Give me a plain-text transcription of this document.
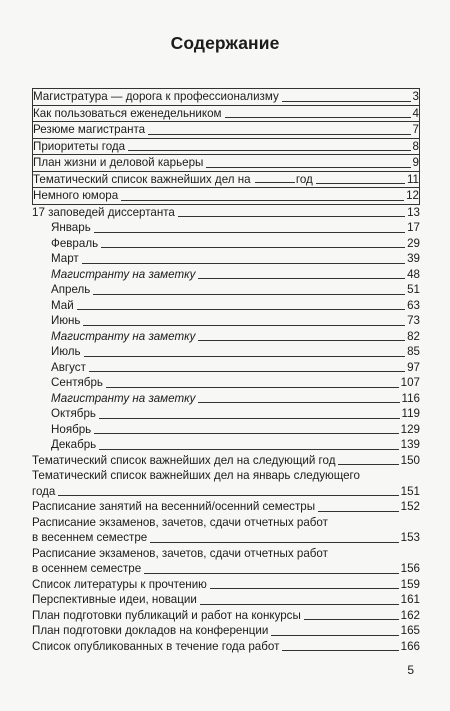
Содержание
Магистратура — дорога к профессионализму	3
Как пользоваться еженедельником	4
Резюме магистранта	7
Приоритеты года	8
План жизни и деловой карьеры	9
Тематический список важнейших дел на	год	11
Немного юмора	12
17 заповедей диссертанта	13
Январь	17
Февраль	29
Март	39
Магистранту на заметку	48
Апрель	51
Май	63
Июнь	73
Магистранту на заметку	82
Июль	85
Август	97
Сентябрь	107
Магистранту на заметку	116
Октябрь	119
Ноябрь	129
Декабрь	139
Тематический список важнейших дел на следующий год	150
Тематический список важнейших дел на январь следующего
года	151
Расписание занятий на весенний/осенний семестры	152
Расписание экзаменов, зачетов, сдачи отчетных работ
в весеннем семестре	153
Расписание экзаменов, зачетов, сдачи отчетных работ
в осеннем семестре	156
Список литературы к прочтению	159
Перспективные идеи, новации	161
План подготовки публикаций и работ на конкурсы	162
План подготовки докладов на конференции	165
Список опубликованных в течение года работ	166
5
